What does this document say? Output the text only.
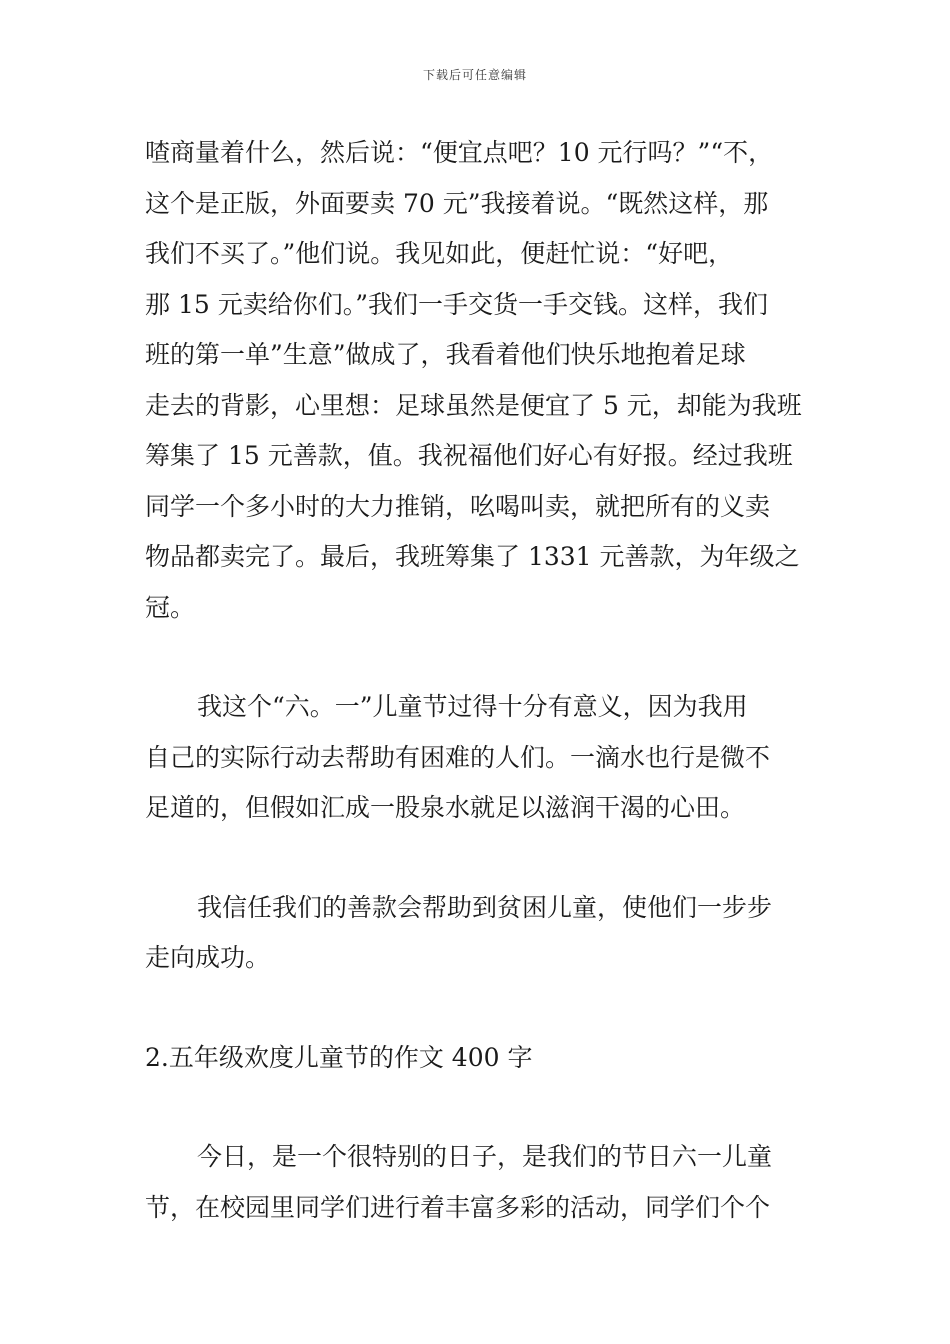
下载后可任意编辑
喳商量着什么，然后说：“便宜点吧？10 元行吗？”“不，
这个是正版，外面要卖 70 元”我接着说。“既然这样，那
我们不买了。”他们说。我见如此，便赶忙说：“好吧，
那 15 元卖给你们。”我们一手交货一手交钱。这样，我们
班的第一单”生意”做成了，我看着他们快乐地抱着足球
走去的背影，心里想：足球虽然是便宜了 5 元，却能为我班
筹集了 15 元善款，值。我祝福他们好心有好报。经过我班
同学一个多小时的大力推销，吆喝叫卖，就把所有的义卖
物品都卖完了。最后，我班筹集了 1331 元善款，为年级之
冠。
我这个“六。一”儿童节过得十分有意义，因为我用
自己的实际行动去帮助有困难的人们。一滴水也行是微不
足道的，但假如汇成一股泉水就足以滋润干渴的心田。
我信任我们的善款会帮助到贫困儿童，使他们一步步
走向成功。
2.五年级欢度儿童节的作文 400 字
今日，是一个很特别的日子，是我们的节日六一儿童
节，在校园里同学们进行着丰富多彩的活动，同学们个个
